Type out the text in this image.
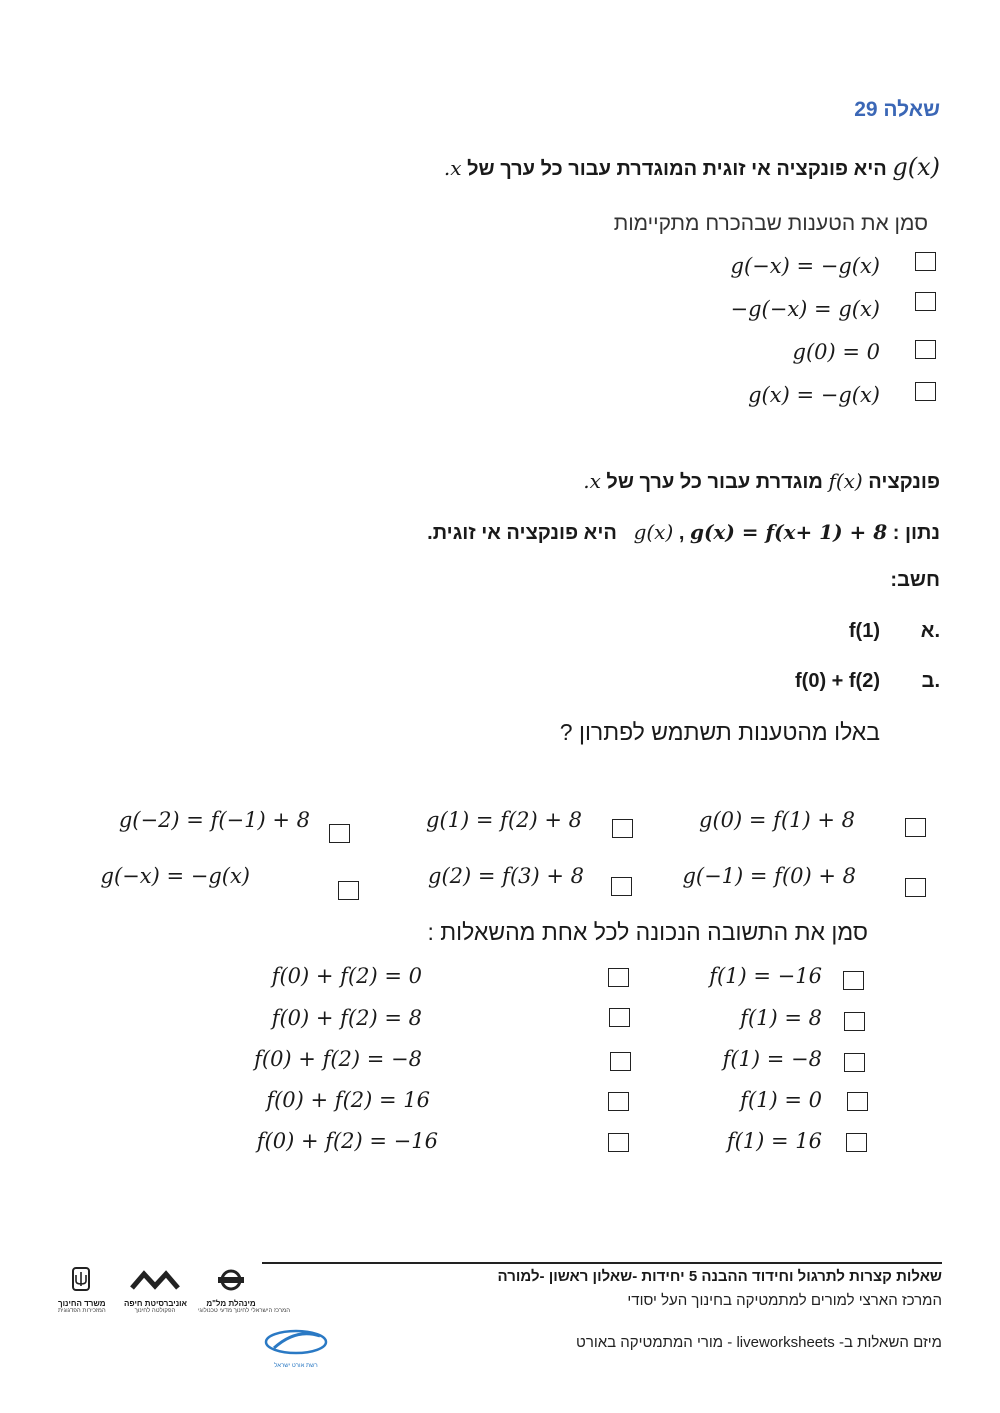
שאלה 29
g(x) היא פונקציה אי זוגית המוגדרת עבור כל ערך של x.
סמן את הטענות שבהכרח מתקיימות
g(−x) = −g(x)
−g(−x) = g(x)
g(0) = 0
g(x) = −g(x)
פונקציה f(x) מוגדרת עבור כל ערך של x.
נתון : g(x) = f(x+ 1) + 8 , g(x)   היא פונקציה אי זוגית.
חשב:
א.
f(1)
ב.
f(0) + f(2)
באלו מהטענות תשתמש לפתרון ?
g(0) = f(1) + 8
g(1) = f(2) + 8
g(−2) = f(−1) + 8
g(−1) = f(0) + 8
g(2) = f(3) + 8
g(−x) = −g(x)
סמן את התשובה הנכונה לכל אחת מהשאלות :
f(1) = −16
f(1) = 8
f(1) = −8
f(1) = 0
f(1) = 16
f(0) + f(2) = 0
f(0) + f(2) = 8
f(0) + f(2) = −8
f(0) + f(2) = 16
f(0) + f(2) = −16
שאלות קצרות לתרגול וחידוד ההבנה 5 יחידות -שאלון ראשון -למורה
המרכז הארצי למורים למתמטיקה בחינוך העל יסודי
מיזם השאלות ב- liveworksheets - מורי המתמטיקה באורט
משרד החינוך
המזכירות הפדגוגית
אוניברסיטת חיפה
הפקולטה לחינוך
מינהלת מל"מ
המרכז הישראלי לחינוך מדעי טכנולוגי
רשת אורט ישראל
